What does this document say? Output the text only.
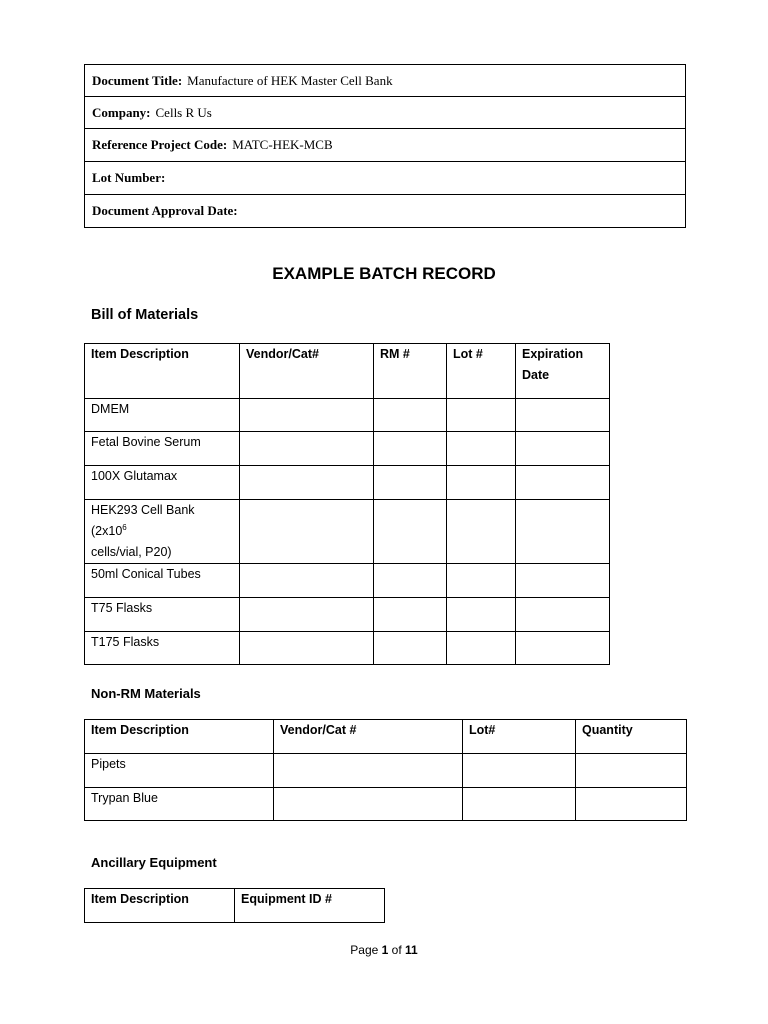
Document Title: Manufacture of HEK Master Cell Bank
Company: Cells R Us
Reference Project Code: MATC-HEK-MCB
Lot Number:
Document Approval Date:
EXAMPLE BATCH RECORD
Bill of Materials
Item Description	Vendor/Cat#	RM #	Lot #	Expiration Date
DMEM				
Fetal Bovine Serum				
100X Glutamax				
HEK293 Cell Bank ($2x10^6$
cells/vial, P20)				
50ml Conical Tubes				
T75 Flasks				
T175 Flasks				
Non-RM Materials
Item Description	Vendor/Cat #	Lot#	Quantity
Pipets			
Trypan Blue			
Ancillary Equipment
Item Description	Equipment ID #
Page 1 of 11
